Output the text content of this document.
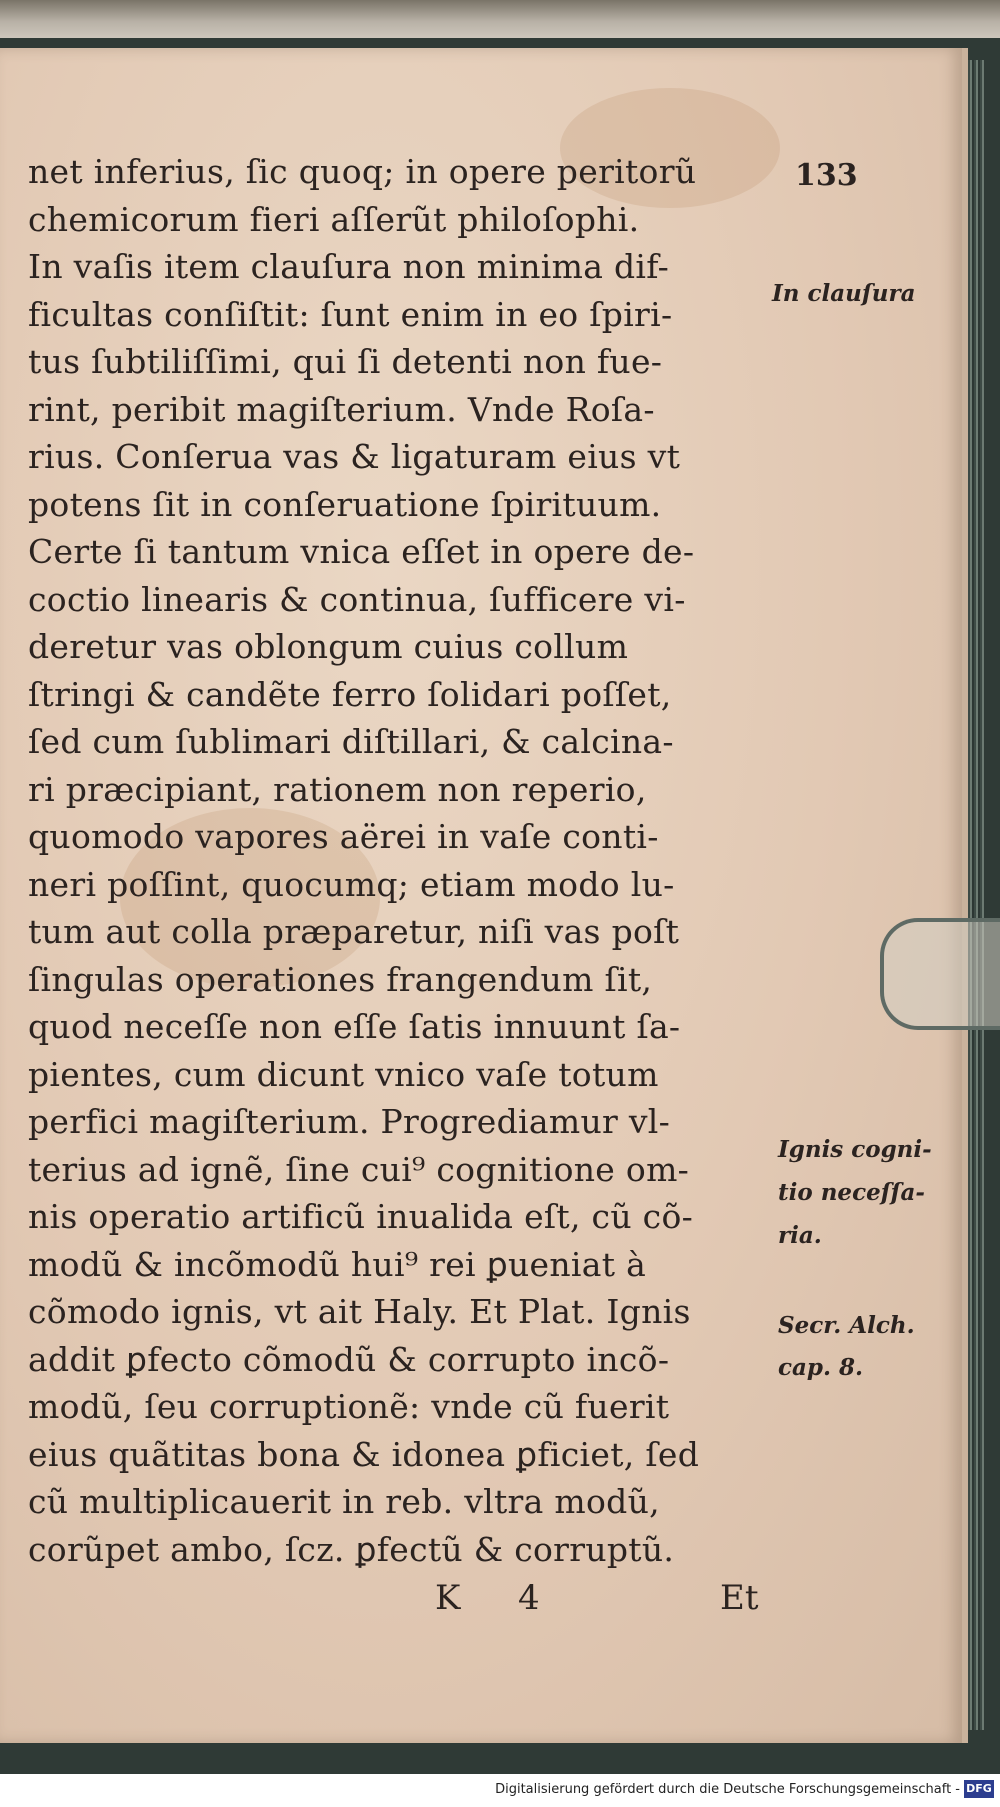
133
net inferius, ſic quoq; in opere peritorũ
chemicorum fieri aſſerũt philoſophi.
In vaſis item clauſura non minima dif-
ficultas conſiſtit: ſunt enim in eo ſpiri-
tus ſubtiliſſimi, qui ſi detenti non fue-
rint, peribit magiſterium. Vnde Roſa-
rius. Conſerua vas & ligaturam eius vt
potens ſit in conſeruatione ſpirituum.
Certe ſi tantum vnica eſſet in opere de-
coctio linearis & continua, ſufficere vi-
deretur vas oblongum cuius collum
ſtringi & candẽte ferro ſolidari poſſet,
ſed cum ſublimari diſtillari, & calcina-
ri præcipiant, rationem non reperio,
quomodo vapores aërei in vaſe conti-
neri poſſint, quocumq; etiam modo lu-
tum aut colla præparetur, niſi vas poſt
ſingulas operationes frangendum ſit,
quod neceſſe non eſſe ſatis innuunt ſa-
pientes, cum dicunt vnico vaſe totum
perfici magiſterium. Progrediamur vl-
terius ad ignẽ, ſine cui⁹ cognitione om-
nis operatio artificũ inualida eſt, cũ cõ-
modũ & incõmodũ hui⁹ rei ꝑueniat à
cõmodo ignis, vt ait Haly. Et Plat. Ignis
addit ꝑfecto cõmodũ & corrupto incõ-
modũ, ſeu corruptionẽ: vnde cũ fuerit
eius quãtitas bona & idonea ꝑficiet, ſed
cũ multiplicauerit in reb. vltra modũ,
corũpet ambo, ſcz. ꝑfectũ & corruptũ.
In clauſura
Ignis cogni-
tio neceſſa-
ria.
Secr. Alch.
cap. 8.
K 4	Et
Digitalisierung gefördert durch die Deutsche Forschungsgemeinschaft - DFG
